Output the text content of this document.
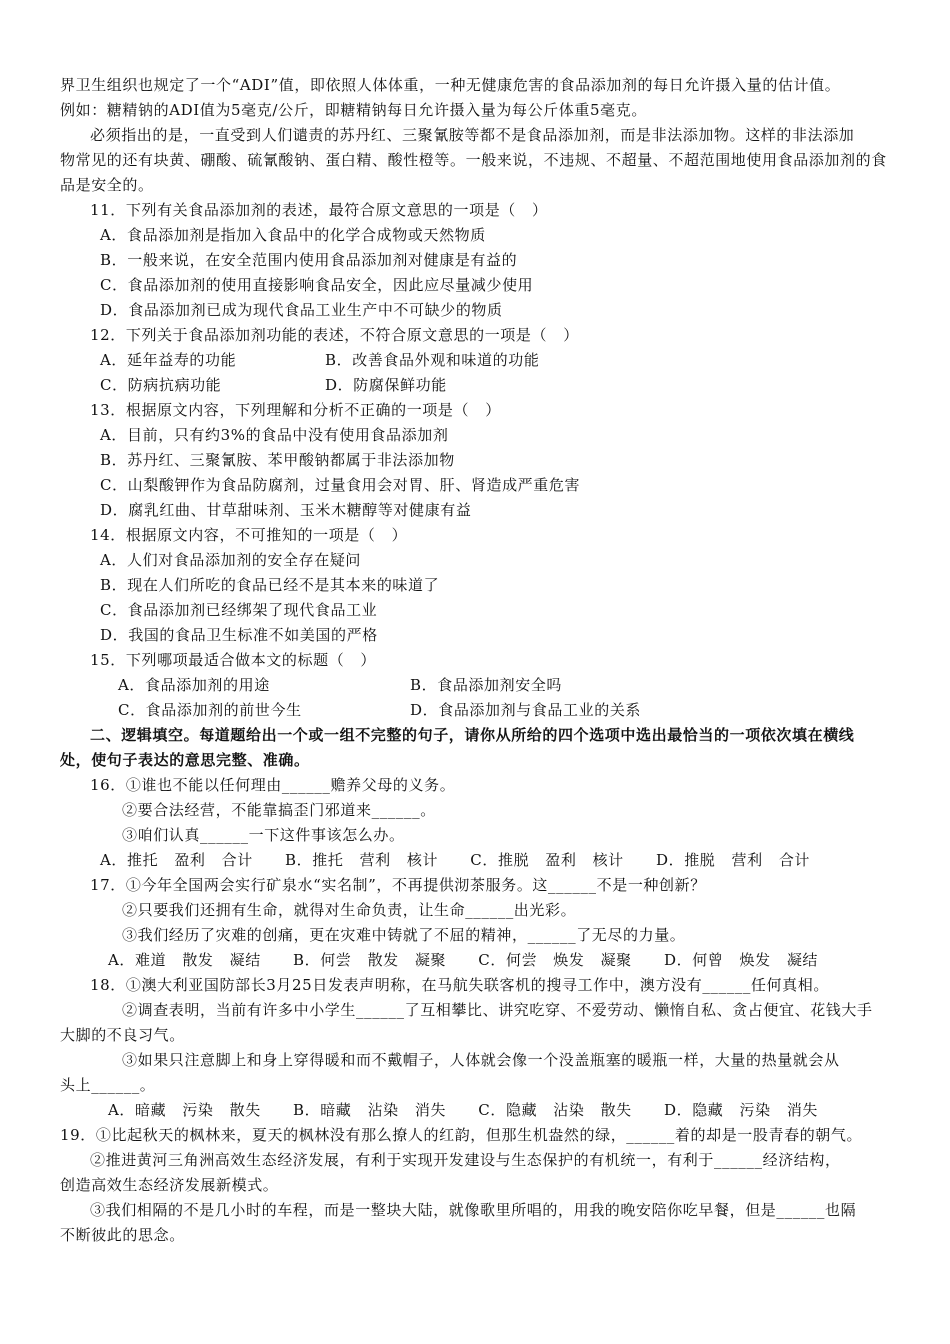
界卫生组织也规定了一个“ADI”值，即依照人体体重，一种无健康危害的食品添加剂的每日允许摄入量的估计值。
例如：糖精钠的ADI值为5毫克/公斤，即糖精钠每日允许摄入量为每公斤体重5毫克。
必须指出的是，一直受到人们谴责的苏丹红、三聚氰胺等都不是食品添加剂，而是非法添加物。这样的非法添加
物常见的还有块黄、硼酸、硫氰酸钠、蛋白精、酸性橙等。一般来说，不违规、不超量、不超范围地使用食品添加剂的食
品是安全的。
11．下列有关食品添加剂的表述，最符合原文意思的一项是（   ）
A．食品添加剂是指加入食品中的化学合成物或天然物质
B．一般来说，在安全范围内使用食品添加剂对健康是有益的
C．食品添加剂的使用直接影响食品安全，因此应尽量减少使用
D．食品添加剂已成为现代食品工业生产中不可缺少的物质
12．下列关于食品添加剂功能的表述，不符合原文意思的一项是（   ）
A．延年益寿的功能	B．改善食品外观和味道的功能
C．防病抗病功能	D．防腐保鲜功能
13．根据原文内容，下列理解和分析不正确的一项是（   ）
A．目前，只有约3%的食品中没有使用食品添加剂
B．苏丹红、三聚氰胺、苯甲酸钠都属于非法添加物
C．山梨酸钾作为食品防腐剂，过量食用会对胃、肝、肾造成严重危害
D．腐乳红曲、甘草甜味剂、玉米木糖醇等对健康有益
14．根据原文内容，不可推知的一项是（   ）
A．人们对食品添加剂的安全存在疑问
B．现在人们所吃的食品已经不是其本来的味道了
C．食品添加剂已经绑架了现代食品工业
D．我国的食品卫生标准不如美国的严格
15．下列哪项最适合做本文的标题（   ）
A．食品添加剂的用途	B．食品添加剂安全吗
C．食品添加剂的前世今生	D．食品添加剂与食品工业的关系
二、逻辑填空。每道题给出一个或一组不完整的句子，请你从所给的四个选项中选出最恰当的一项依次填在横线
处，使句子表达的意思完整、准确。
16．①谁也不能以任何理由______赡养父母的义务。
②要合法经营，不能靠搞歪门邪道来______。
③咱们认真______一下这件事该怎么办。
A．推托   盈利   合计      B．推托   营利   核计      C．推脱   盈利   核计      D．推脱   营利   合计
17．①今年全国两会实行矿泉水“实名制”，不再提供沏茶服务。这______不是一种创新？
②只要我们还拥有生命，就得对生命负责，让生命______出光彩。
③我们经历了灾难的创痛，更在灾难中铸就了不屈的精神，______了无尽的力量。
A．难道   散发   凝结      B．何尝   散发   凝聚      C．何尝   焕发   凝聚      D．何曾   焕发   凝结
18．①澳大利亚国防部长3月25日发表声明称，在马航失联客机的搜寻工作中，澳方没有______任何真相。
②调查表明，当前有许多中小学生______了互相攀比、讲究吃穿、不爱劳动、懒惰自私、贪占便宜、花钱大手
大脚的不良习气。
③如果只注意脚上和身上穿得暖和而不戴帽子，人体就会像一个没盖瓶塞的暖瓶一样，大量的热量就会从
头上______。
A．暗藏   污染   散失      B．暗藏   沾染   消失      C．隐藏   沾染   散失      D．隐藏   污染   消失
19．①比起秋天的枫林来，夏天的枫林没有那么撩人的红韵，但那生机盎然的绿，______着的却是一股青春的朝气。
②推进黄河三角洲高效生态经济发展，有利于实现开发建设与生态保护的有机统一，有利于______经济结构，
创造高效生态经济发展新模式。
③我们相隔的不是几小时的车程，而是一整块大陆，就像歌里所唱的，用我的晚安陪你吃早餐，但是______也隔
不断彼此的思念。
